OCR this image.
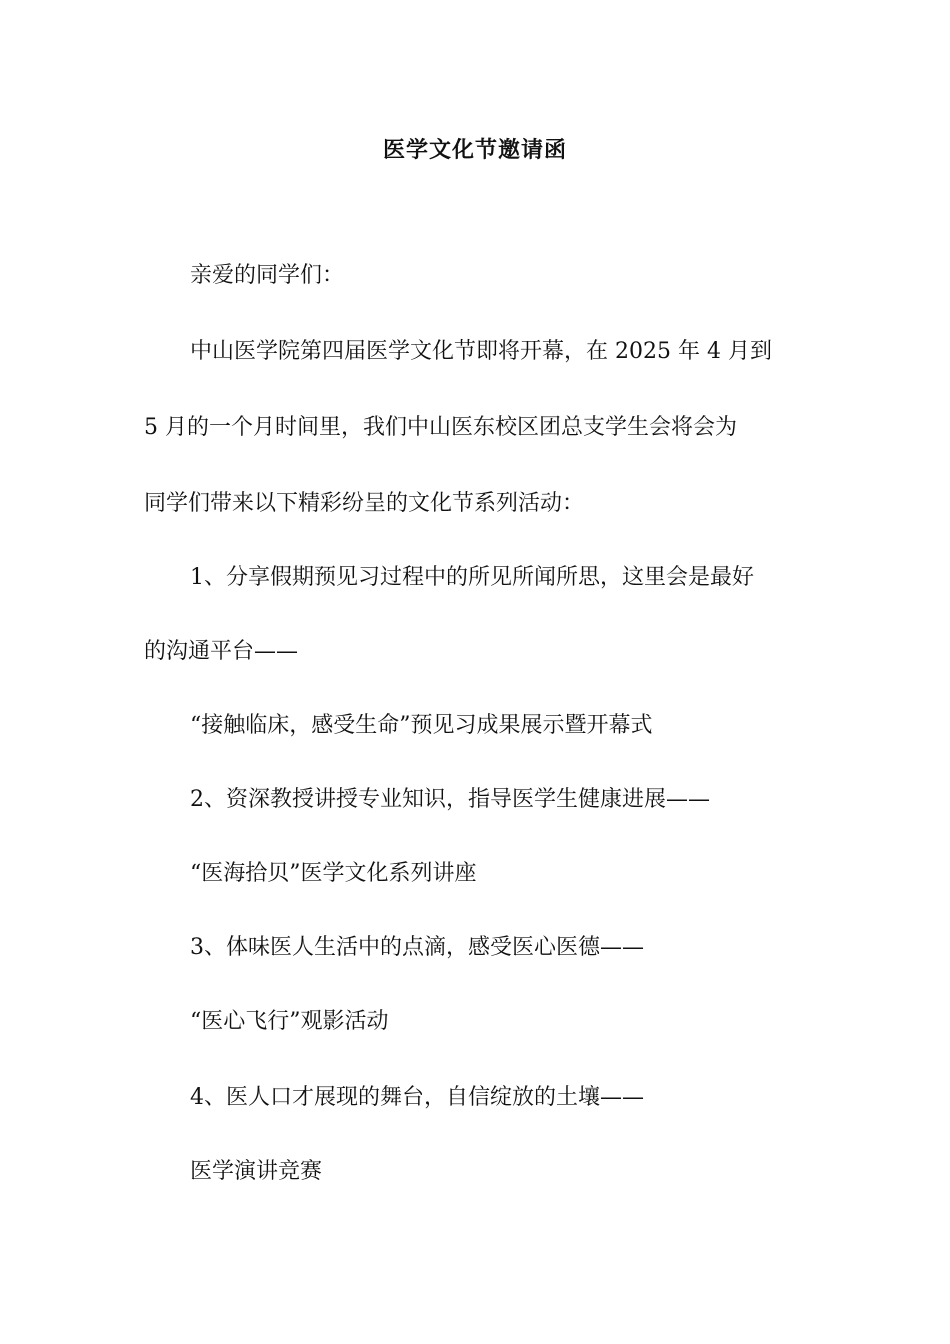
医学文化节邀请函
亲爱的同学们：
中山医学院第四届医学文化节即将开幕，在 2025 年 4 月到
5 月的一个月时间里，我们中山医东校区团总支学生会将会为
同学们带来以下精彩纷呈的文化节系列活动：
1、分享假期预见习过程中的所见所闻所思，这里会是最好
的沟通平台——
“接触临床，感受生命”预见习成果展示暨开幕式
2、资深教授讲授专业知识，指导医学生健康进展——
“医海拾贝”医学文化系列讲座
3、体味医人生活中的点滴，感受医心医德——
“医心飞行”观影活动
4、医人口才展现的舞台，自信绽放的土壤——
医学演讲竞赛
